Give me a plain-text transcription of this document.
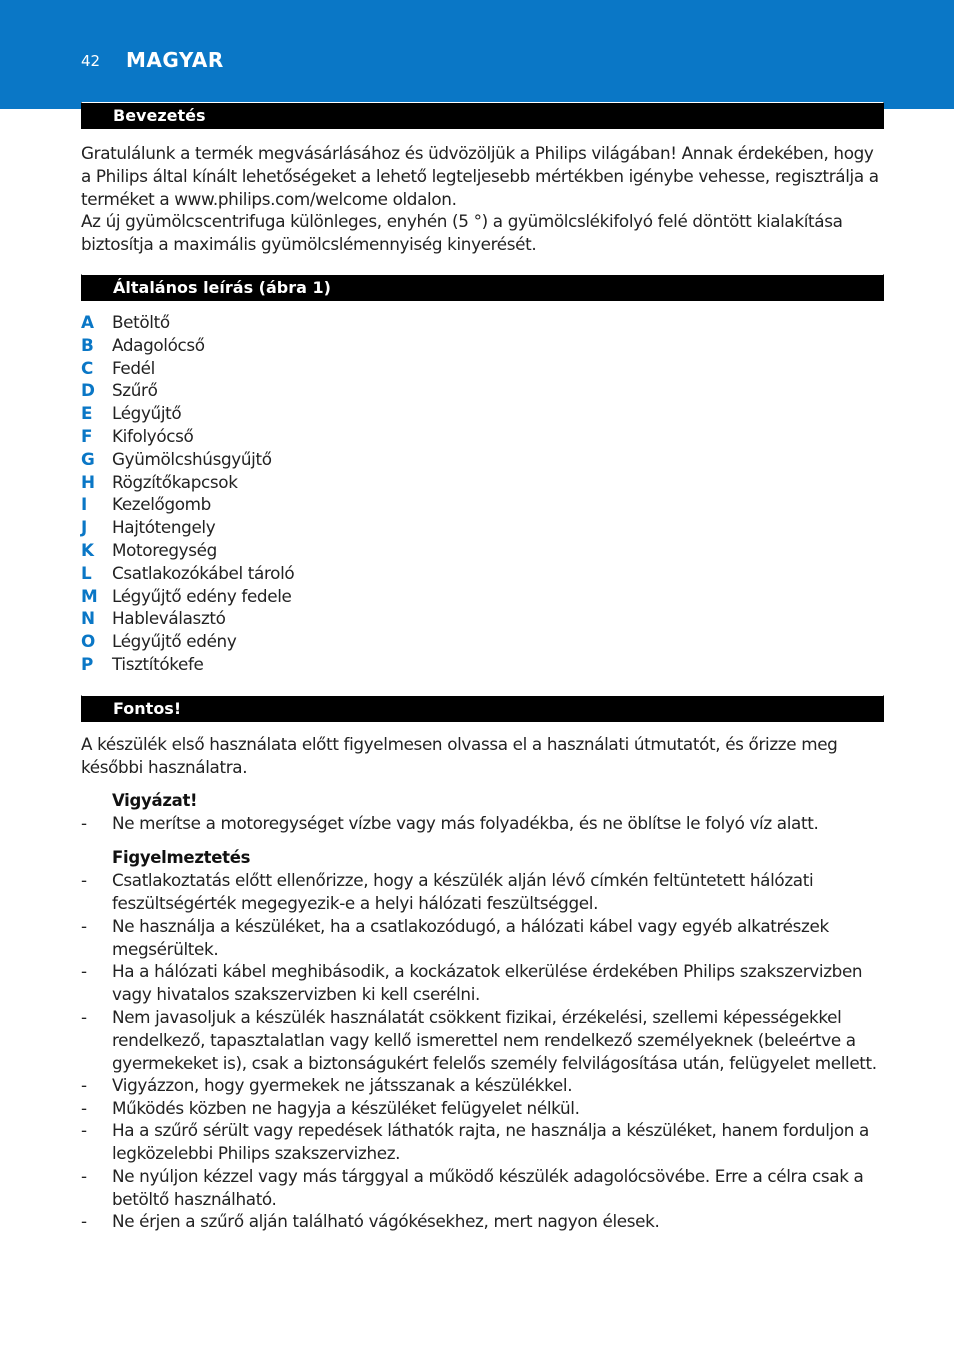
42 MAGYAR
Bevezetés

Gratulálunk a termék megvásárlásához és üdvözöljük a Philips világában! Annak érdekében, hogy a Philips által kínált lehetőségeket a lehető legteljesebb mértékben igénybe vehesse, regisztrálja a terméket a www.philips.com/welcome oldalon.

Az új gyümölcscentrifuga különleges, enyhén (5 °) a gyümölcslékifolyó felé döntött kialakítása biztosítja a maximális gyümölcslémennyiség kinyerését.

Általános leírás (ábra 1)
A Betöltő
B Adagolócső
C Fedél
D Szűrő
E Légyűjtő
F Kifolyócső
G Gyümölcshúsgyűjtő
H Rögzítőkapcsok
I Kezelőgomb
J Hajtótengely
K Motoregység
L Csatlakozókábel tároló
M Légyűjtő edény fedele
N Hableválasztó
O Légyűjtő edény
P Tisztítókefe
Fontos!

A készülék első használata előtt figyelmesen olvassa el a használati útmutatót, és őrizze meg későbbi használatra.

Vigyázat!
- Ne merítse a motoregységet vízbe vagy más folyadékba, és ne öblítse le folyó víz alatt.
Figyelmeztetés
- Csatlakoztatás előtt ellenőrizze, hogy a készülék alján lévő címkén feltüntetett hálózati feszültségérték megegyezik-e a helyi hálózati feszültséggel.
- Ne használja a készüléket, ha a csatlakozódugó, a hálózati kábel vagy egyéb alkatrészek megsérültek.
- Ha a hálózati kábel meghibásodik, a kockázatok elkerülése érdekében Philips szakszervizben vagy hivatalos szakszervizben ki kell cserélni.
- Nem javasoljuk a készülék használatát csökkent fizikai, érzékelési, szellemi képességekkel rendelkező, tapasztalatlan vagy kellő ismerettel nem rendelkező személyeknek (beleértve a gyermekeket is), csak a biztonságukért felelős személy felvilágosítása után, felügyelet mellett.
- Vigyázzon, hogy gyermekek ne játsszanak a készülékkel.
- Működés közben ne hagyja a készüléket felügyelet nélkül.
- Ha a szűrő sérült vagy repedések láthatók rajta, ne használja a készüléket, hanem forduljon a legközelebbi Philips szakszervizhez.
- Ne nyúljon kézzel vagy más tárggyal a működő készülék adagolócsövébe. Erre a célra csak a betöltő használható.
- Ne érjen a szűrő alján található vágókésekhez, mert nagyon élesek.
